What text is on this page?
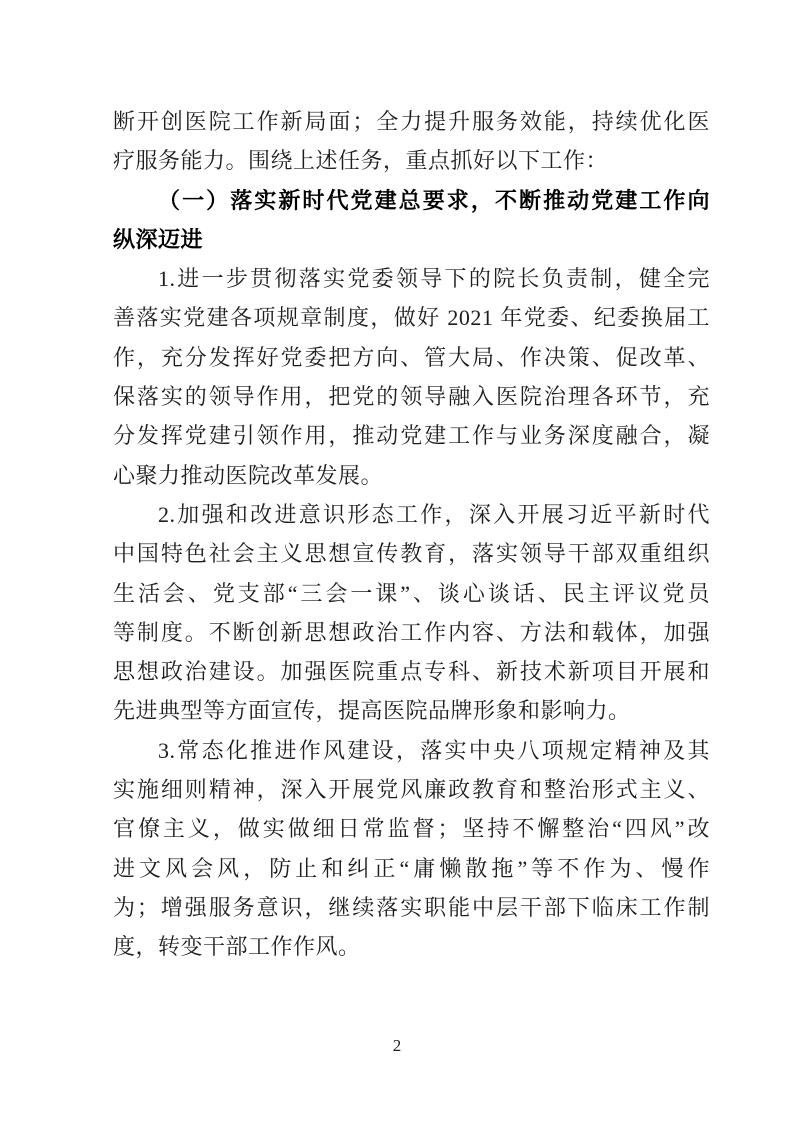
断开创医院工作新局面；全力提升服务效能，持续优化医
疗服务能力。围绕上述任务，重点抓好以下工作：
（一）落实新时代党建总要求，不断推动党建工作向
纵深迈进
1.进一步贯彻落实党委领导下的院长负责制，健全完
善落实党建各项规章制度，做好 2021 年党委、纪委换届工
作，充分发挥好党委把方向、管大局、作决策、促改革、
保落实的领导作用，把党的领导融入医院治理各环节，充
分发挥党建引领作用，推动党建工作与业务深度融合，凝
心聚力推动医院改革发展。
2.加强和改进意识形态工作，深入开展习近平新时代
中国特色社会主义思想宣传教育，落实领导干部双重组织
生活会、党支部“三会一课”、谈心谈话、民主评议党员
等制度。不断创新思想政治工作内容、方法和载体，加强
思想政治建设。加强医院重点专科、新技术新项目开展和
先进典型等方面宣传，提高医院品牌形象和影响力。
3.常态化推进作风建设，落实中央八项规定精神及其
实施细则精神，深入开展党风廉政教育和整治形式主义、
官僚主义，做实做细日常监督；坚持不懈整治“四风”改
进文风会风，防止和纠正“庸懒散拖”等不作为、慢作
为；增强服务意识，继续落实职能中层干部下临床工作制
度，转变干部工作作风。
2
